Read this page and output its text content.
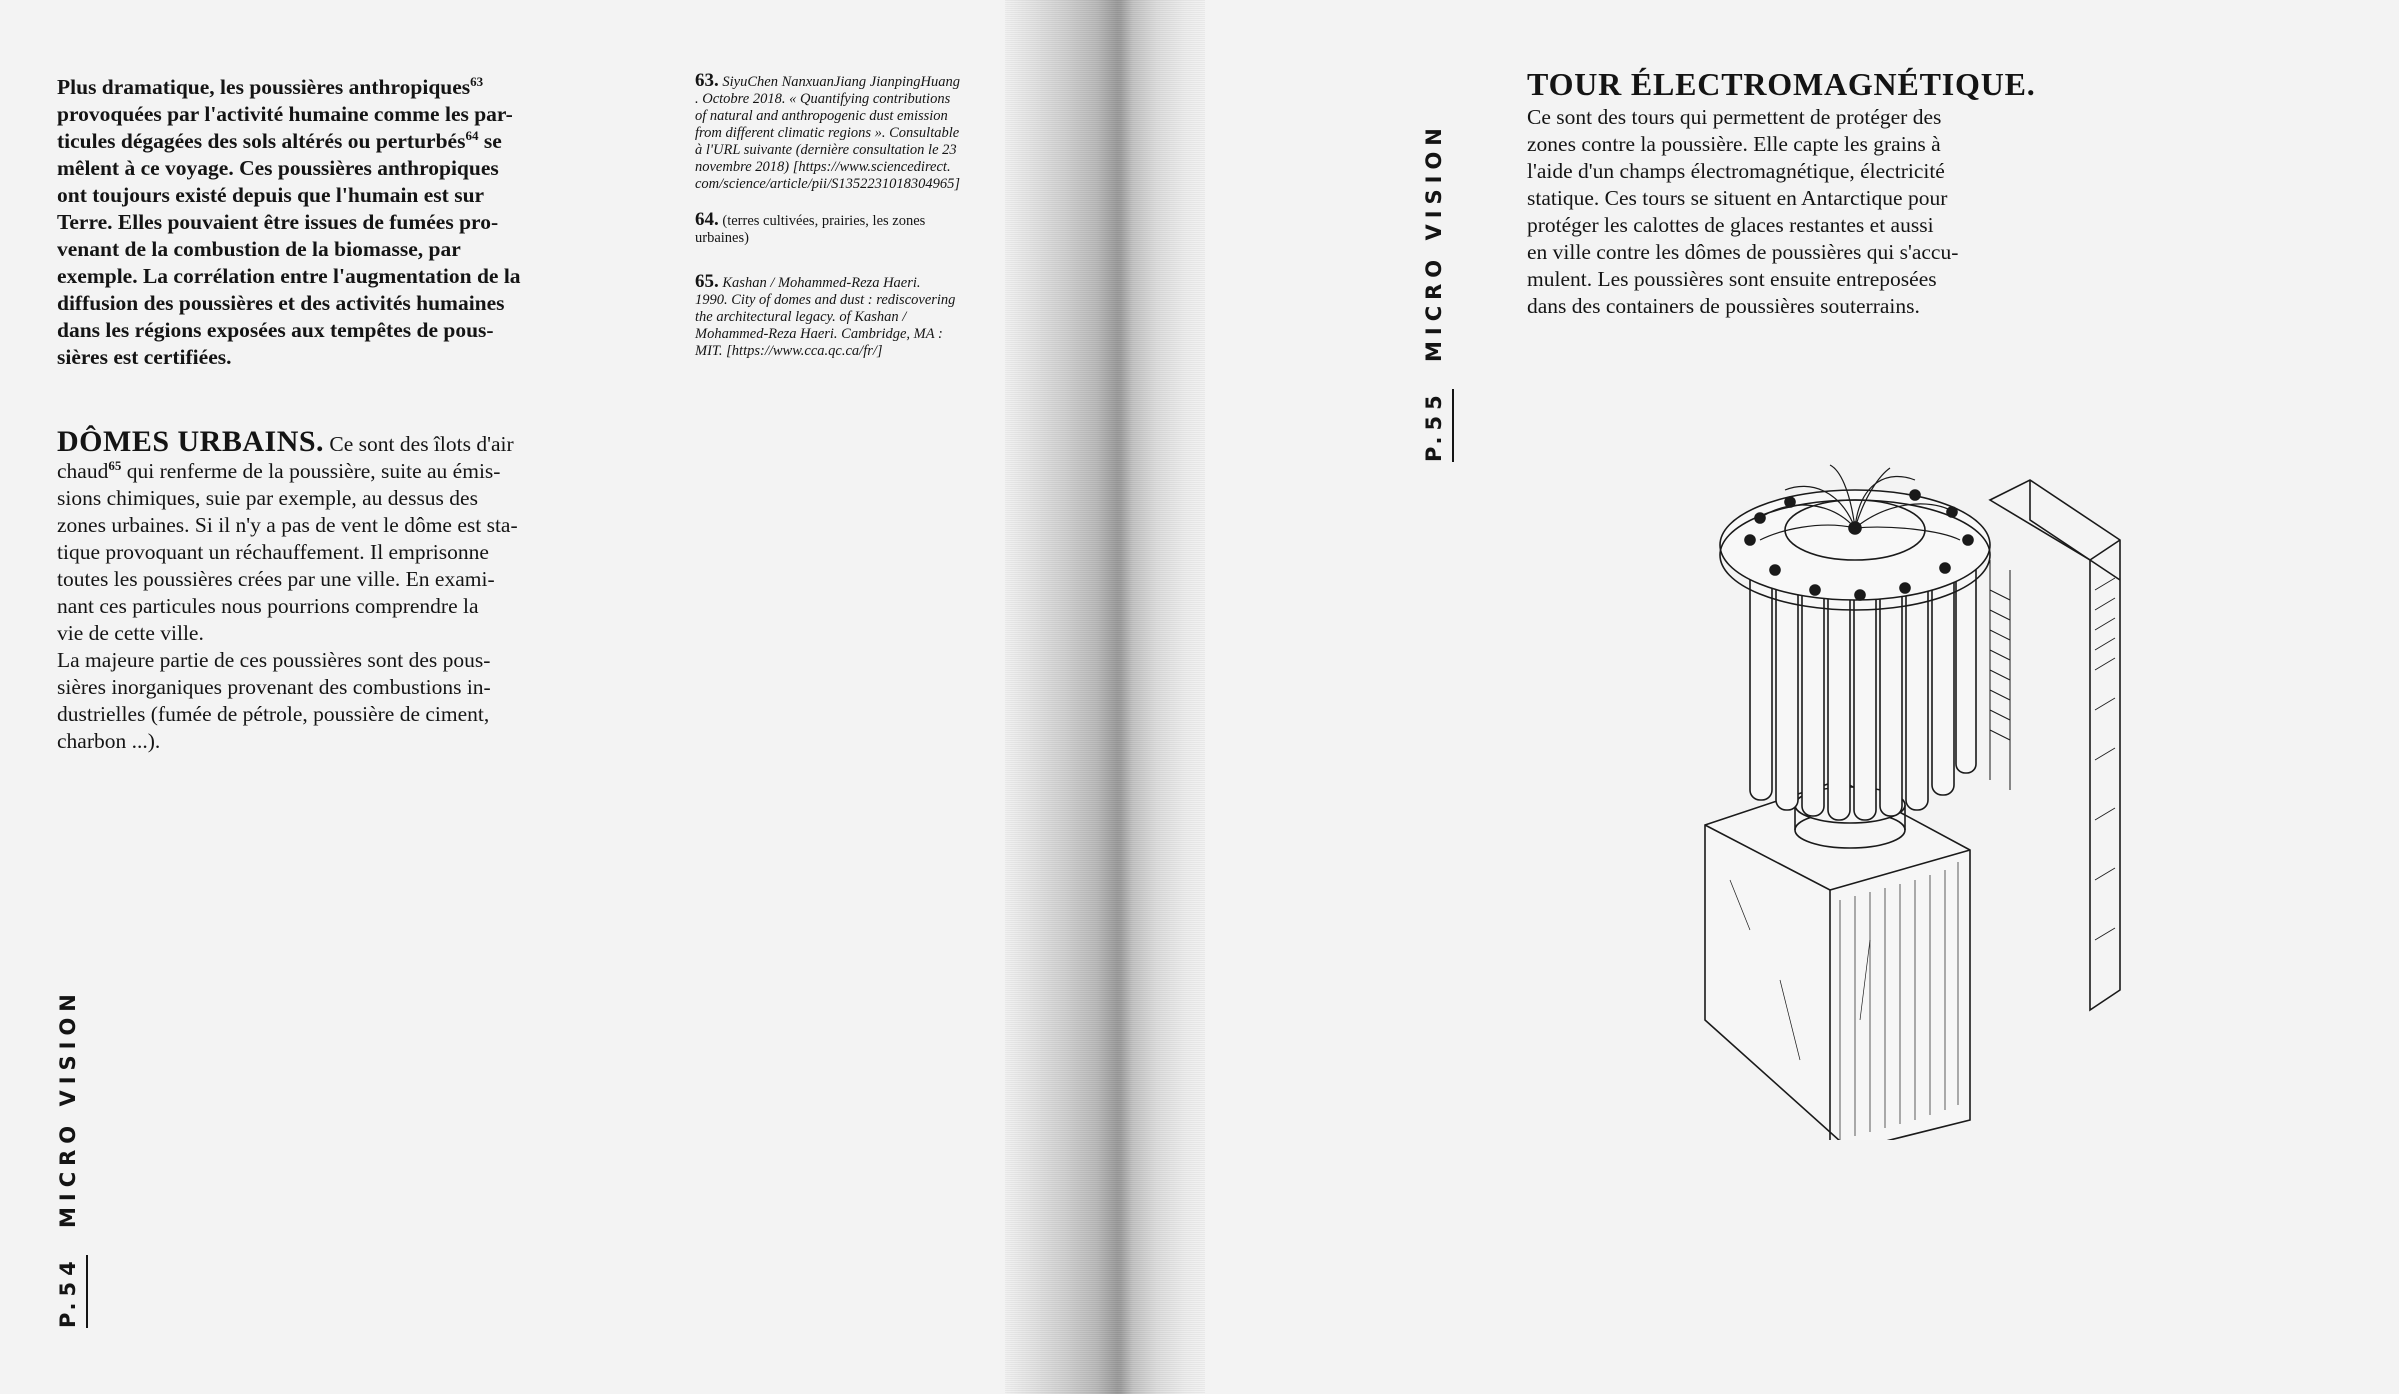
Plus dramatique, les poussières anthropiques$^{63}$
provoquées par l'activité humaine comme les par-
ticules dégagées des sols altérés ou perturbés$^{64}$ se
mêlent à ce voyage. Ces poussières anthropiques
ont toujours existé depuis que l'humain est sur
Terre. Elles pouvaient être issues de fumées pro-
venant de la combustion de la biomasse, par
exemple. La corrélation entre l'augmentation de la
diffusion des poussières et des activités humaines
dans les régions exposées aux tempêtes de pous-
sières est certifiées.
DÔMES URBAINS. Ce sont des îlots d'air
chaud$^{65}$ qui renferme de la poussière, suite au émis-
sions chimiques, suie par exemple, au dessus des
zones urbaines. Si il n'y a pas de vent le dôme est sta-
tique provoquant un réchauffement. Il emprisonne
toutes les poussières crées par une ville. En exami-
nant ces particules nous pourrions comprendre la
vie de cette ville.
La majeure partie de ces poussières sont des pous-
sières inorganiques provenant des combustions in-
dustrielles (fumée de pétrole, poussière de ciment,
charbon ...).
63. SiyuChen NanxuanJiang JianpingHuang
. Octobre 2018. « Quantifying contributions
of natural and anthropogenic dust emission
from different climatic regions ». Consultable
à l'URL suivante (dernière consultation le 23
novembre 2018) [https://www.sciencedirect.
com/science/article/pii/S1352231018304965]
64. (terres cultivées, prairies, les zones
urbaines)
65. Kashan / Mohammed-Reza Haeri.
1990. City of domes and dust : rediscovering
the architectural legacy. of Kashan /
Mohammed-Reza Haeri. Cambridge, MA :
MIT. [https://www.cca.qc.ca/fr/]
P.54 MICRO VISION
P.55 MICRO VISION
TOUR ÉLECTROMAGNÉTIQUE.
Ce sont des tours qui permettent de protéger des
zones contre la poussière. Elle capte les grains à
l'aide d'un champs électromagnétique, électricité
statique. Ces tours se situent en Antarctique pour
protéger les calottes de glaces restantes et aussi
en ville contre les dômes de poussières qui s'accu-
mulent. Les poussières sont ensuite entreposées
dans des containers de poussières souterrains.
